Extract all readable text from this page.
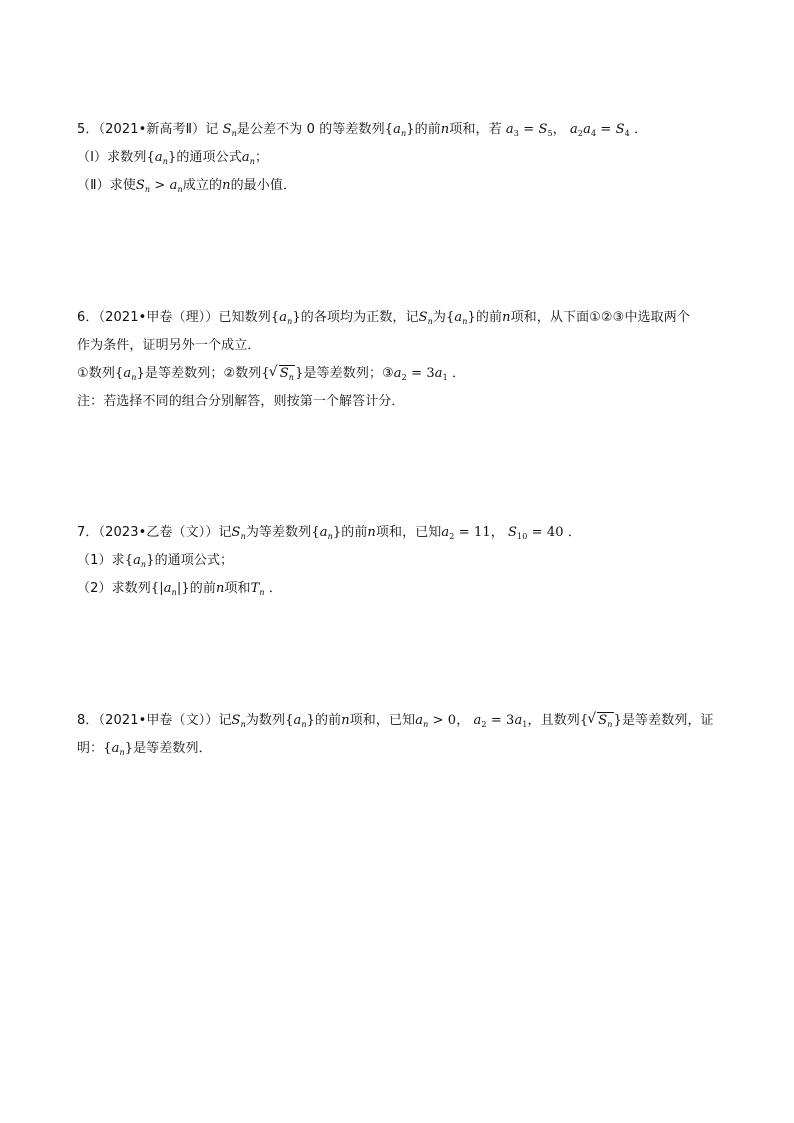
5．（2021•新高考Ⅱ）记 $S_n$是公差不为 0 的等差数列$\{a_n\}$的前n项和，若 $a_3 = S_5$， $a_2a_4 = S_4$ ．
（Ⅰ）求数列$\{a_n\}$的通项公式$a_n$；
（Ⅱ）求使$S_n > a_n$成立的n的最小值．
6．（2021•甲卷（理））已知数列$\{a_n\}$的各项均为正数，记$S_n$为$\{a_n\}$的前n项和，从下面①②③中选取两个
作为条件，证明另外一个成立．
①数列$\{a_n\}$是等差数列；②数列{ √ $S_n$}是等差数列；$③a_2 = 3a_1$ ．
注：若选择不同的组合分别解答，则按第一个解答计分．
7．（2023•乙卷（文））记$S_n$为等差数列$\{a_n\}$的前n项和，已知$a_2 = 11$， $S_{10} = 40$ ．
（1）求$\{a_n\}$的通项公式；
（2）求数列$\{|a_n|\}$的前n项和$T_n$ ．
8．（2021•甲卷（文））记$S_n$为数列$\{a_n\}$的前n项和，已知$a_n > 0$， $a_2 = 3a_1$，且数列{ √ $S_n$}是等差数列，证
明：$\{a_n\}$是等差数列．
